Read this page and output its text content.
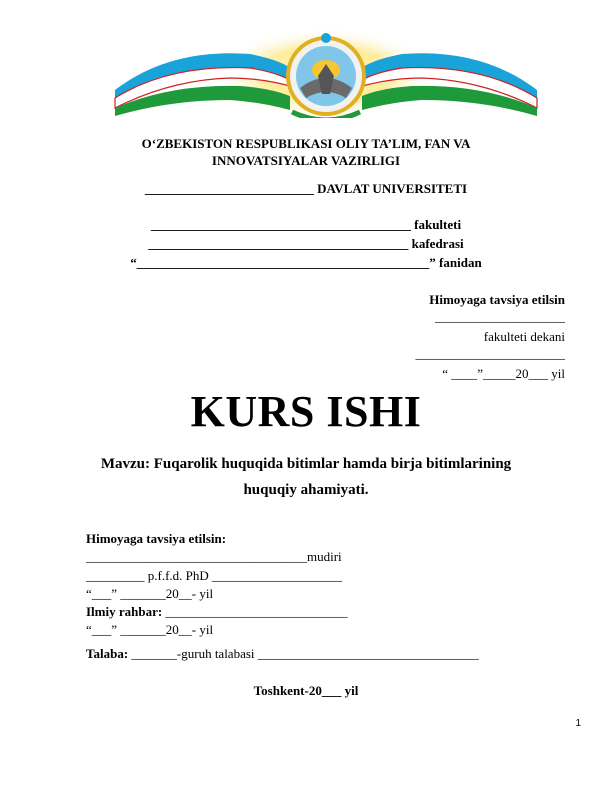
O‘ZBEKISTON RESPUBLIKASI OLIY TA’LIM, FAN VA
INNOVATSIYALAR VAZIRLIGI
__________________________ DAVLAT UNIVERSITETI
________________________________________ fakulteti
________________________________________ kafedrasi
“_____________________________________________” fanidan
Himoyaga tavsiya etilsin
____________________
fakulteti dekani
_______________________
“ ____”_____20___ yil
KURS ISHI
Mavzu: Fuqarolik huquqida bitimlar hamda birja bitimlarining
huquqiy ahamiyati.
Himoyaga tavsiya etilsin:
__________________________________mudiri
_________ p.f.f.d. PhD ____________________
“___” _______20__- yil
Ilmiy rahbar: ____________________________
“___” _______20__- yil
Talaba: _______-guruh talabasi __________________________________
Toshkent-20___ yil
1
